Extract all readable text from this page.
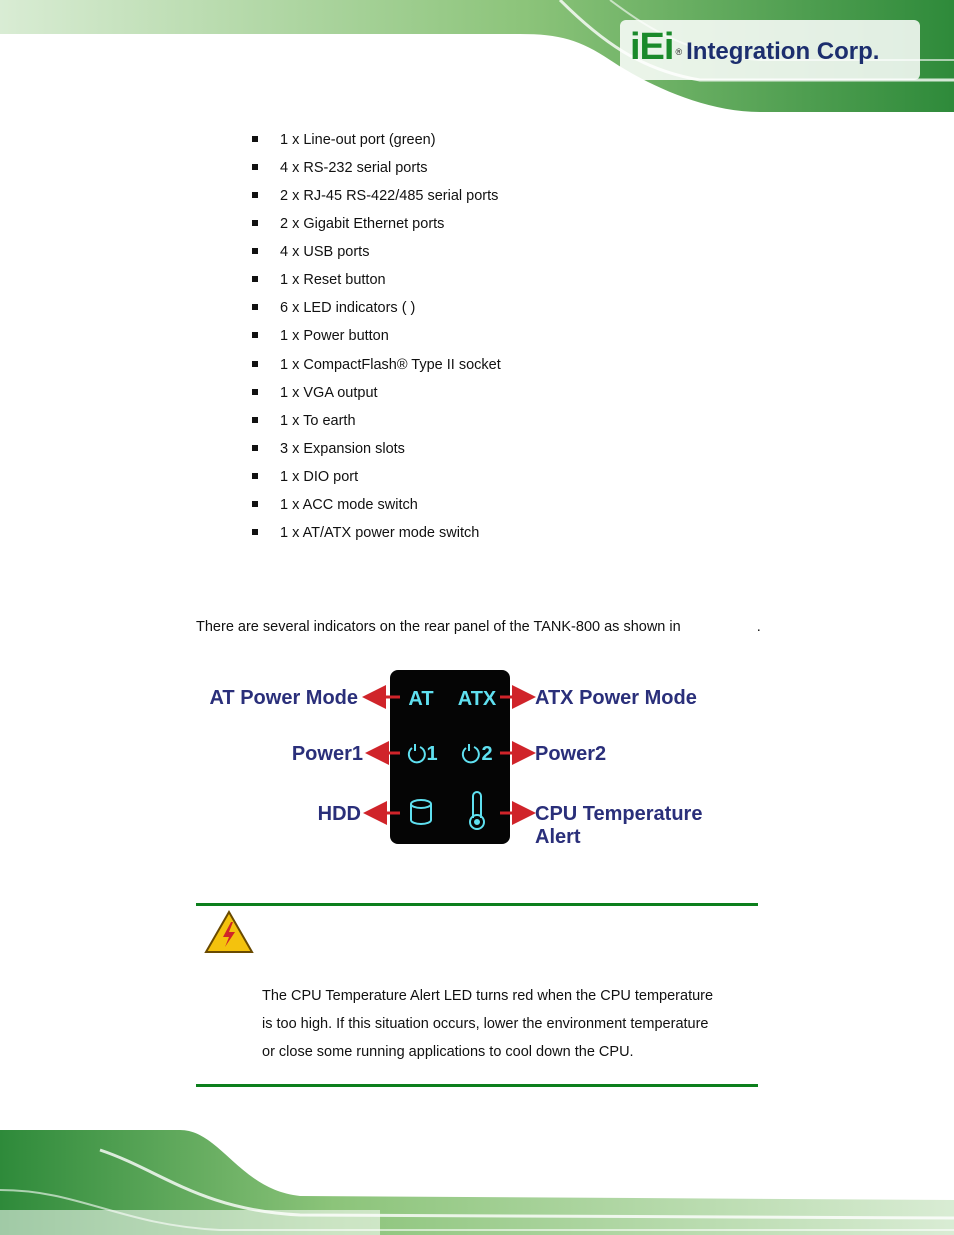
iEi ® Integration Corp.
1 x Line-out port (green)
4 x RS-232 serial ports
2 x RJ-45 RS-422/485 serial ports
2 x Gigabit Ethernet ports
4 x USB ports
1 x Reset button
6 x LED indicators ( )
1 x Power button
1 x CompactFlash® Type II socket
1 x VGA output
1 x To earth
3 x Expansion slots
1 x DIO port
1 x ACC mode switch
1 x AT/ATX power mode switch

There are several indicators on the rear panel of the TANK-800 as shown in	.

AT Power Mode	AT ATX ATX Power Mode
Power1	1 2 Power2
HDD	CPU Temperature
Alert

The CPU Temperature Alert LED turns red when the CPU temperature
is too high. If this situation occurs, lower the environment temperature
or close some running applications to cool down the CPU.
